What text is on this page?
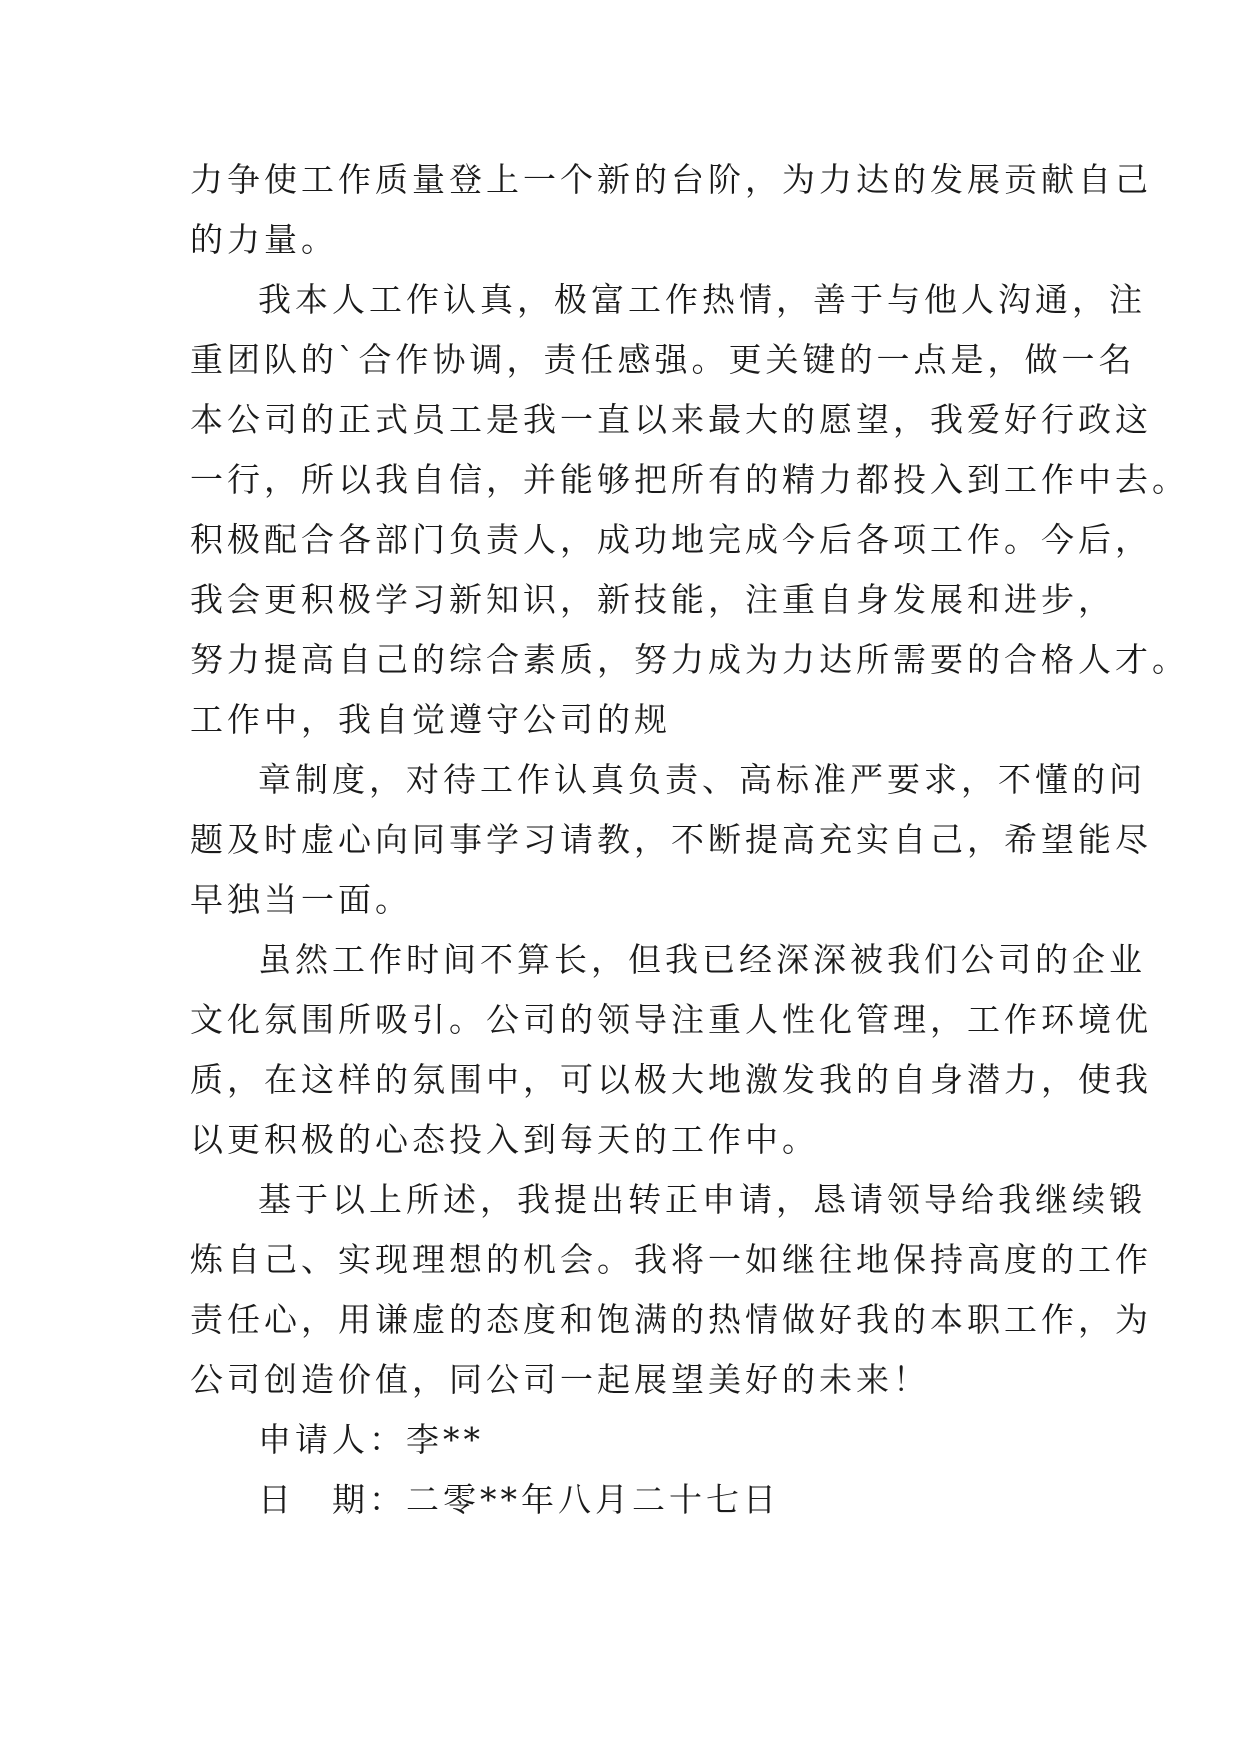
力争使工作质量登上一个新的台阶，为力达的发展贡献自己
的力量。
我本人工作认真，极富工作热情，善于与他人沟通，注
重团队的`合作协调，责任感强。更关键的一点是，做一名
本公司的正式员工是我一直以来最大的愿望，我爱好行政这
一行，所以我自信，并能够把所有的精力都投入到工作中去。
积极配合各部门负责人，成功地完成今后各项工作。今后，
我会更积极学习新知识，新技能，注重自身发展和进步，
努力提高自己的综合素质，努力成为力达所需要的合格人才。
工作中，我自觉遵守公司的规
章制度，对待工作认真负责、高标准严要求，不懂的问
题及时虚心向同事学习请教，不断提高充实自己，希望能尽
早独当一面。
虽然工作时间不算长，但我已经深深被我们公司的企业
文化氛围所吸引。公司的领导注重人性化管理，工作环境优
质，在这样的氛围中，可以极大地激发我的自身潜力，使我
以更积极的心态投入到每天的工作中。
基于以上所述，我提出转正申请，恳请领导给我继续锻
炼自己、实现理想的机会。我将一如继往地保持高度的工作
责任心，用谦虚的态度和饱满的热情做好我的本职工作，为
公司创造价值，同公司一起展望美好的未来！
申请人：李**
日　期：二零**年八月二十七日
